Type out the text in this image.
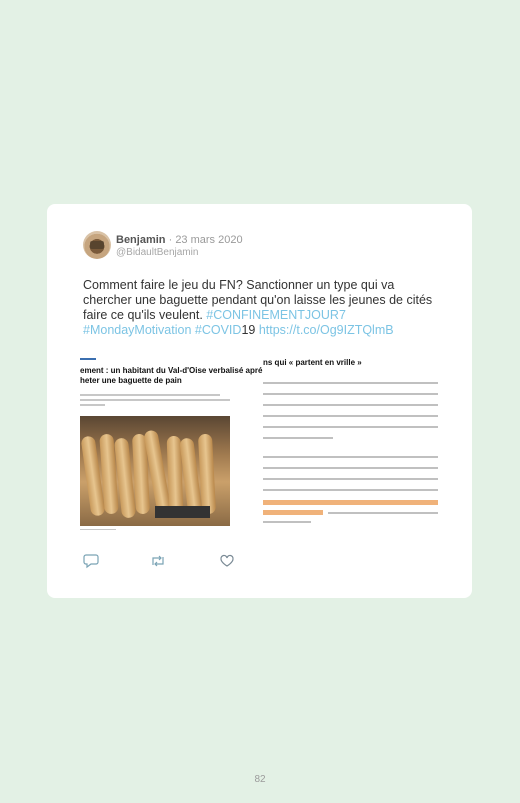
Benjamin · 23 mars 2020
@BidaultBenjamin
Comment faire le jeu du FN? Sanctionner un type qui va chercher une baguette pendant qu'on laisse les jeunes de cités faire ce qu'ils veulent. #CONFINEMENTJOUR7 #MondayMotivation #COVID19 https://t.co/Og9IZTQlmB
ement : un habitant du Val-d'Oise verbalisé apré
heter une baguette de pain
ns qui « partent en vrille »
82
